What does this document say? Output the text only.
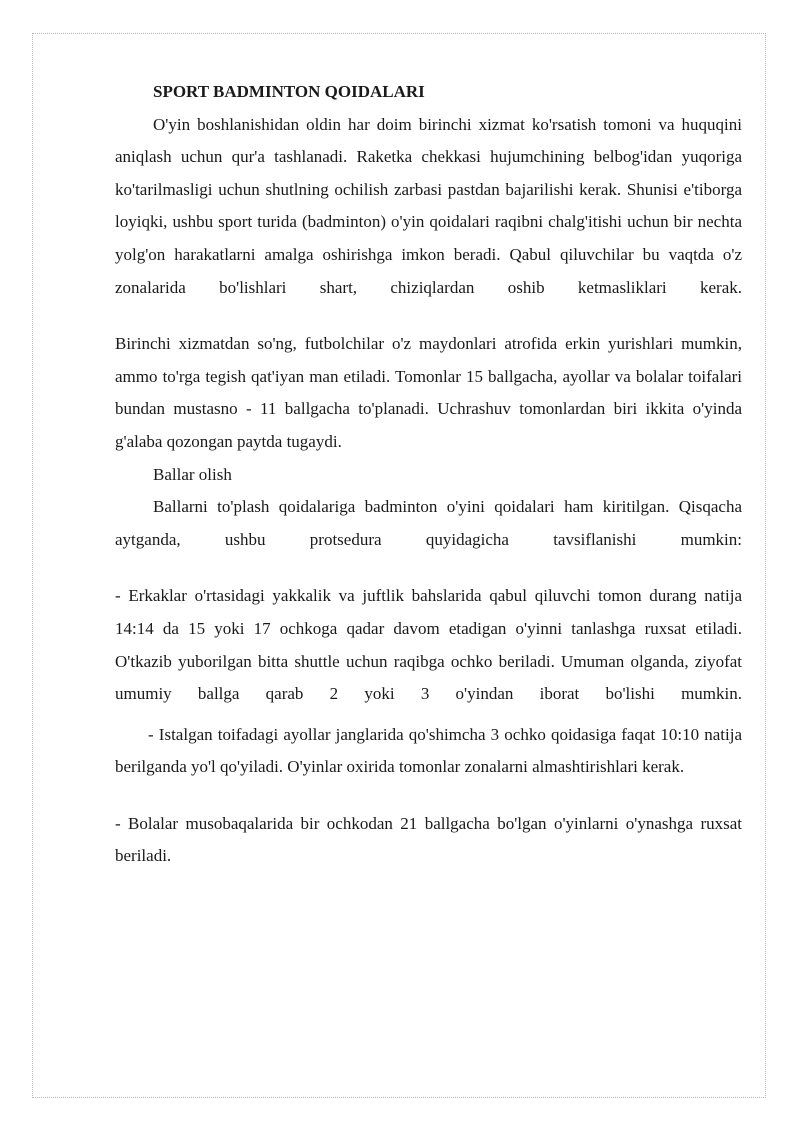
SPORT BADMINTON QOIDALARI

O'yin boshlanishidan oldin har doim birinchi xizmat ko'rsatish tomoni va huquqini aniqlash uchun qur'a tashlanadi. Raketka chekkasi hujumchining belbog'idan yuqoriga ko'tarilmasligi uchun shutlning ochilish zarbasi pastdan bajarilishi kerak. Shunisi e'tiborga loyiqki, ushbu sport turida (badminton) o'yin qoidalari raqibni chalg'itishi uchun bir nechta yolg'on harakatlarni amalga oshirishga imkon beradi. Qabul qiluvchilar bu vaqtda o'z zonalarida bo'lishlari shart, chiziqlardan oshib ketmasliklari kerak.

Birinchi xizmatdan so'ng, futbolchilar o'z maydonlari atrofida erkin yurishlari mumkin, ammo to'rga tegish qat'iyan man etiladi. Tomonlar 15 ballgacha, ayollar va bolalar toifalari bundan mustasno - 11 ballgacha to'planadi. Uchrashuv tomonlardan biri ikkita o'yinda g'alaba qozongan paytda tugaydi.

Ballar olish

Ballarni to'plash qoidalariga badminton o'yini qoidalari ham kiritilgan. Qisqacha aytganda, ushbu protsedura quyidagicha tavsiflanishi mumkin:

- Erkaklar o'rtasidagi yakkalik va juftlik bahslarida qabul qiluvchi tomon durang natija 14:14 da 15 yoki 17 ochkoga qadar davom etadigan o'yinni tanlashga ruxsat etiladi. O'tkazib yuborilgan bitta shuttle uchun raqibga ochko beriladi. Umuman olganda, ziyofat umumiy ballga qarab 2 yoki 3 o'yindan iborat bo'lishi mumkin.

- Istalgan toifadagi ayollar janglarida qo'shimcha 3 ochko qoidasiga faqat 10:10 natija berilganda yo'l qo'yiladi. O'yinlar oxirida tomonlar zonalarni almashtirishlari kerak.

- Bolalar musobaqalarida bir ochkodan 21 ballgacha bo'lgan o'yinlarni o'ynashga ruxsat beriladi.
